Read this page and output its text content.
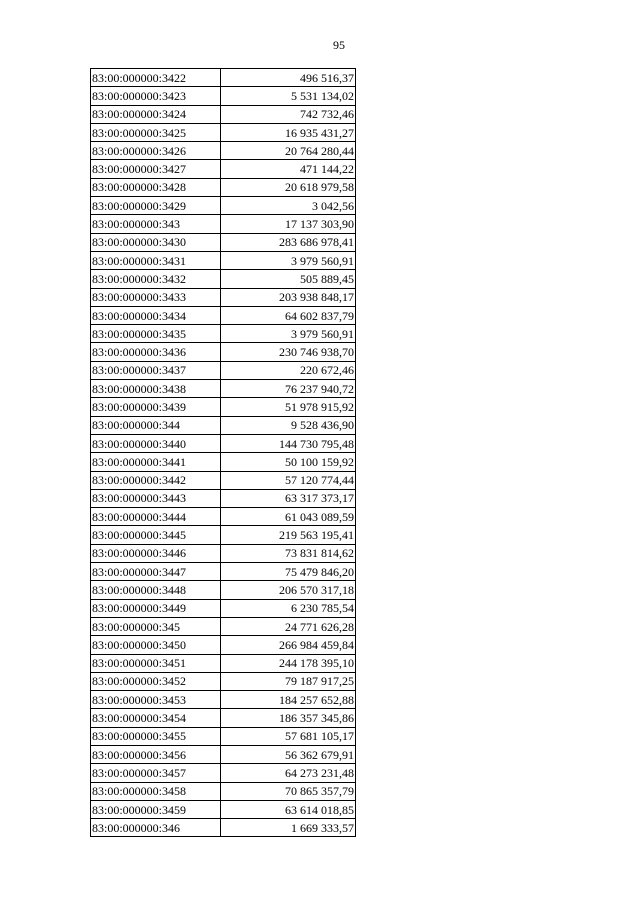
95
83:00:000000:3422	496 516,37
83:00:000000:3423	5 531 134,02
83:00:000000:3424	742 732,46
83:00:000000:3425	16 935 431,27
83:00:000000:3426	20 764 280,44
83:00:000000:3427	471 144,22
83:00:000000:3428	20 618 979,58
83:00:000000:3429	3 042,56
83:00:000000:343	17 137 303,90
83:00:000000:3430	283 686 978,41
83:00:000000:3431	3 979 560,91
83:00:000000:3432	505 889,45
83:00:000000:3433	203 938 848,17
83:00:000000:3434	64 602 837,79
83:00:000000:3435	3 979 560,91
83:00:000000:3436	230 746 938,70
83:00:000000:3437	220 672,46
83:00:000000:3438	76 237 940,72
83:00:000000:3439	51 978 915,92
83:00:000000:344	9 528 436,90
83:00:000000:3440	144 730 795,48
83:00:000000:3441	50 100 159,92
83:00:000000:3442	57 120 774,44
83:00:000000:3443	63 317 373,17
83:00:000000:3444	61 043 089,59
83:00:000000:3445	219 563 195,41
83:00:000000:3446	73 831 814,62
83:00:000000:3447	75 479 846,20
83:00:000000:3448	206 570 317,18
83:00:000000:3449	6 230 785,54
83:00:000000:345	24 771 626,28
83:00:000000:3450	266 984 459,84
83:00:000000:3451	244 178 395,10
83:00:000000:3452	79 187 917,25
83:00:000000:3453	184 257 652,88
83:00:000000:3454	186 357 345,86
83:00:000000:3455	57 681 105,17
83:00:000000:3456	56 362 679,91
83:00:000000:3457	64 273 231,48
83:00:000000:3458	70 865 357,79
83:00:000000:3459	63 614 018,85
83:00:000000:346	1 669 333,57
